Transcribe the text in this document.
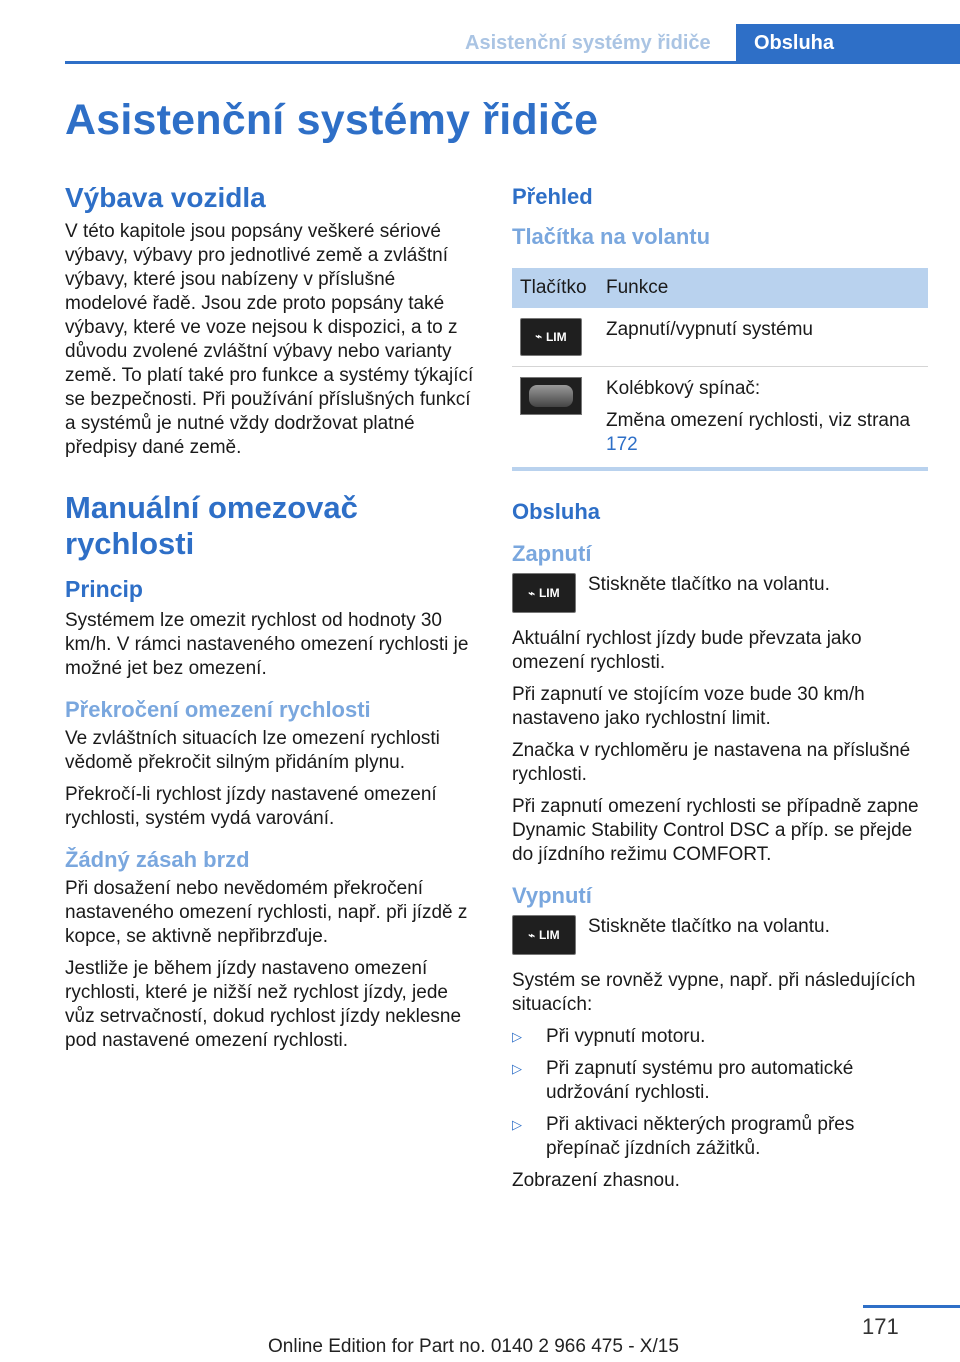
Asistenční systémy řidiče	Obsluha
Asistenční systémy řidiče
Výbava vozidla

V této kapitole jsou popsány veškeré sériové výbavy, výbavy pro jednotlivé země a zvláštní výbavy, které jsou nabízeny v příslušné modelové řadě. Jsou zde proto popsány také výbavy, které ve voze nejsou k dispozici, a to z důvodu zvolené zvláštní výbavy nebo varianty země. To platí také pro funkce a systémy týkající se bezpečnosti. Při používání příslušných funkcí a systémů je nutné vždy dodržovat platné předpisy dané země.

Manuální omezovač rychlosti
Princip

Systémem lze omezit rychlost od hodnoty 30 km/h. V rámci nastaveného omezení rychlosti je možné jet bez omezení.

Překročení omezení rychlosti

Ve zvláštních situacích lze omezení rychlosti vědomě překročit silným přidáním plynu.

Překročí-li rychlost jízdy nastavené omezení rychlosti, systém vydá varování.

Žádný zásah brzd

Při dosažení nebo nevědomém překročení nastaveného omezení rychlosti, např. při jízdě z kopce, se aktivně nepřibrzďuje.

Jestliže je během jízdy nastaveno omezení rychlosti, které je nižší než rychlost jízdy, jede vůz setrvačností, dokud rychlost jízdy neklesne pod nastavené omezení rychlosti.

Přehled
Tlačítka na volantu
Tlačítko	Funkce

⌁ LIM	Zapnutí/vypnutí systému

	Kolébkový spínač:
Změna omezení rychlosti, viz strana 172
Obsluha
Zapnutí
⌁ LIM Stiskněte tlačítko na volantu.

Aktuální rychlost jízdy bude převzata jako omezení rychlosti.

Při zapnutí ve stojícím voze bude 30 km/h nastaveno jako rychlostní limit.

Značka v rychloměru je nastavena na příslušné rychlosti.

Při zapnutí omezení rychlosti se případně zapne Dynamic Stability Control DSC a příp. se přejde do jízdního režimu COMFORT.

Vypnutí
⌁ LIM Stiskněte tlačítko na volantu.

Systém se rovněž vypne, např. při následujících situacích:

▷ Při vypnutí motoru.
▷ Při zapnutí systému pro automatické udržování rychlosti.
▷ Při aktivaci některých programů přes přepínač jízdních zážitků.

Zobrazení zhasnou.

171
Online Edition for Part no. 0140 2 966 475 - X/15
